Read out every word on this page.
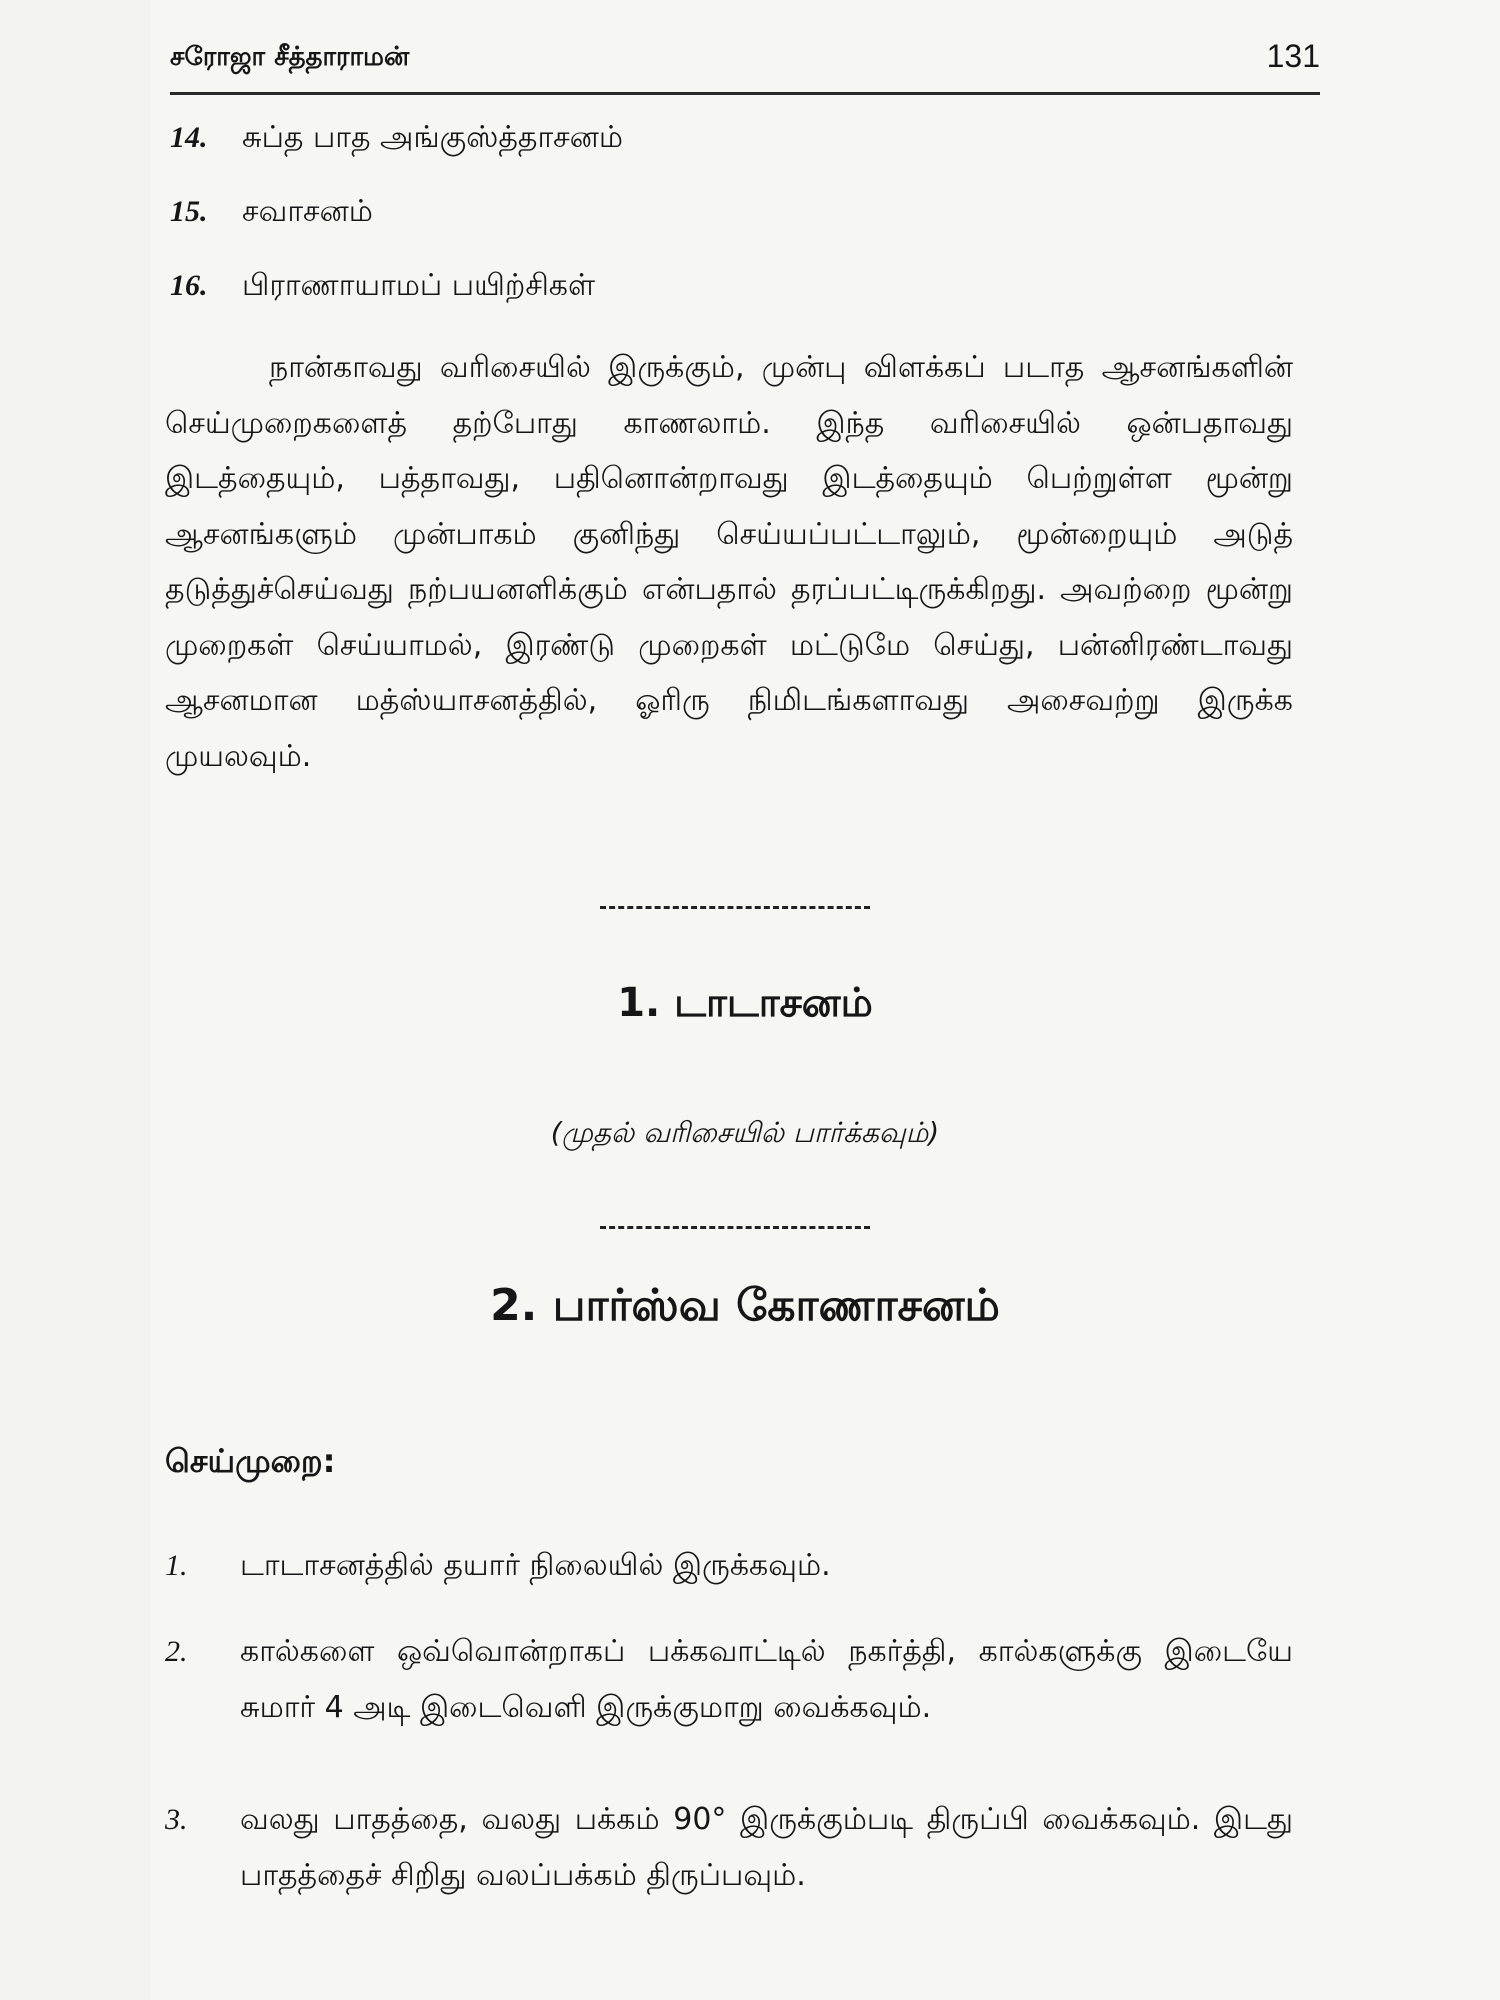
சரோஜா சீத்தாராமன்	131
14. சுப்த பாத அங்குஸ்த்தாசனம்
15. சவாசனம்
16. பிராணாயாமப் பயிற்சிகள்

நான்காவது வரிசையில் இருக்கும், முன்பு விளக்கப் படாத ஆசனங்களின் செய்முறைகளைத் தற்போது காணலாம். இந்த வரிசையில் ஒன்பதாவது இடத்தையும், பத்தாவது, பதினொன்றாவது இடத்தையும் பெற்றுள்ள மூன்று ஆசனங்களும் முன்பாகம் குனிந்து செய்யப்பட்டாலும், மூன்றையும் அடுத் தடுத்துச்செய்வது நற்பயனளிக்கும் என்பதால் தரப்பட்டிருக்கிறது. அவற்றை மூன்று முறைகள் செய்யாமல், இரண்டு முறைகள் மட்டுமே செய்து, பன்னிரண்டாவது ஆசனமான மத்ஸ்யாசனத்தில், ஓரிரு நிமிடங்களாவது அசைவற்று இருக்க முயலவும்.

1. டாடாசனம்
(முதல் வரிசையில் பார்க்கவும்)
2. பார்ஸ்வ கோணாசனம்
செய்முறை:
1. டாடாசனத்தில் தயார் நிலையில் இருக்கவும்.
2. கால்களை ஒவ்வொன்றாகப் பக்கவாட்டில் நகர்த்தி, கால்களுக்கு இடையே சுமார் 4 அடி இடைவெளி இருக்குமாறு வைக்கவும்.
3. வலது பாதத்தை, வலது பக்கம் 90° இருக்கும்படி திருப்பி வைக்கவும். இடது பாதத்தைச் சிறிது வலப்பக்கம் திருப்பவும்.
